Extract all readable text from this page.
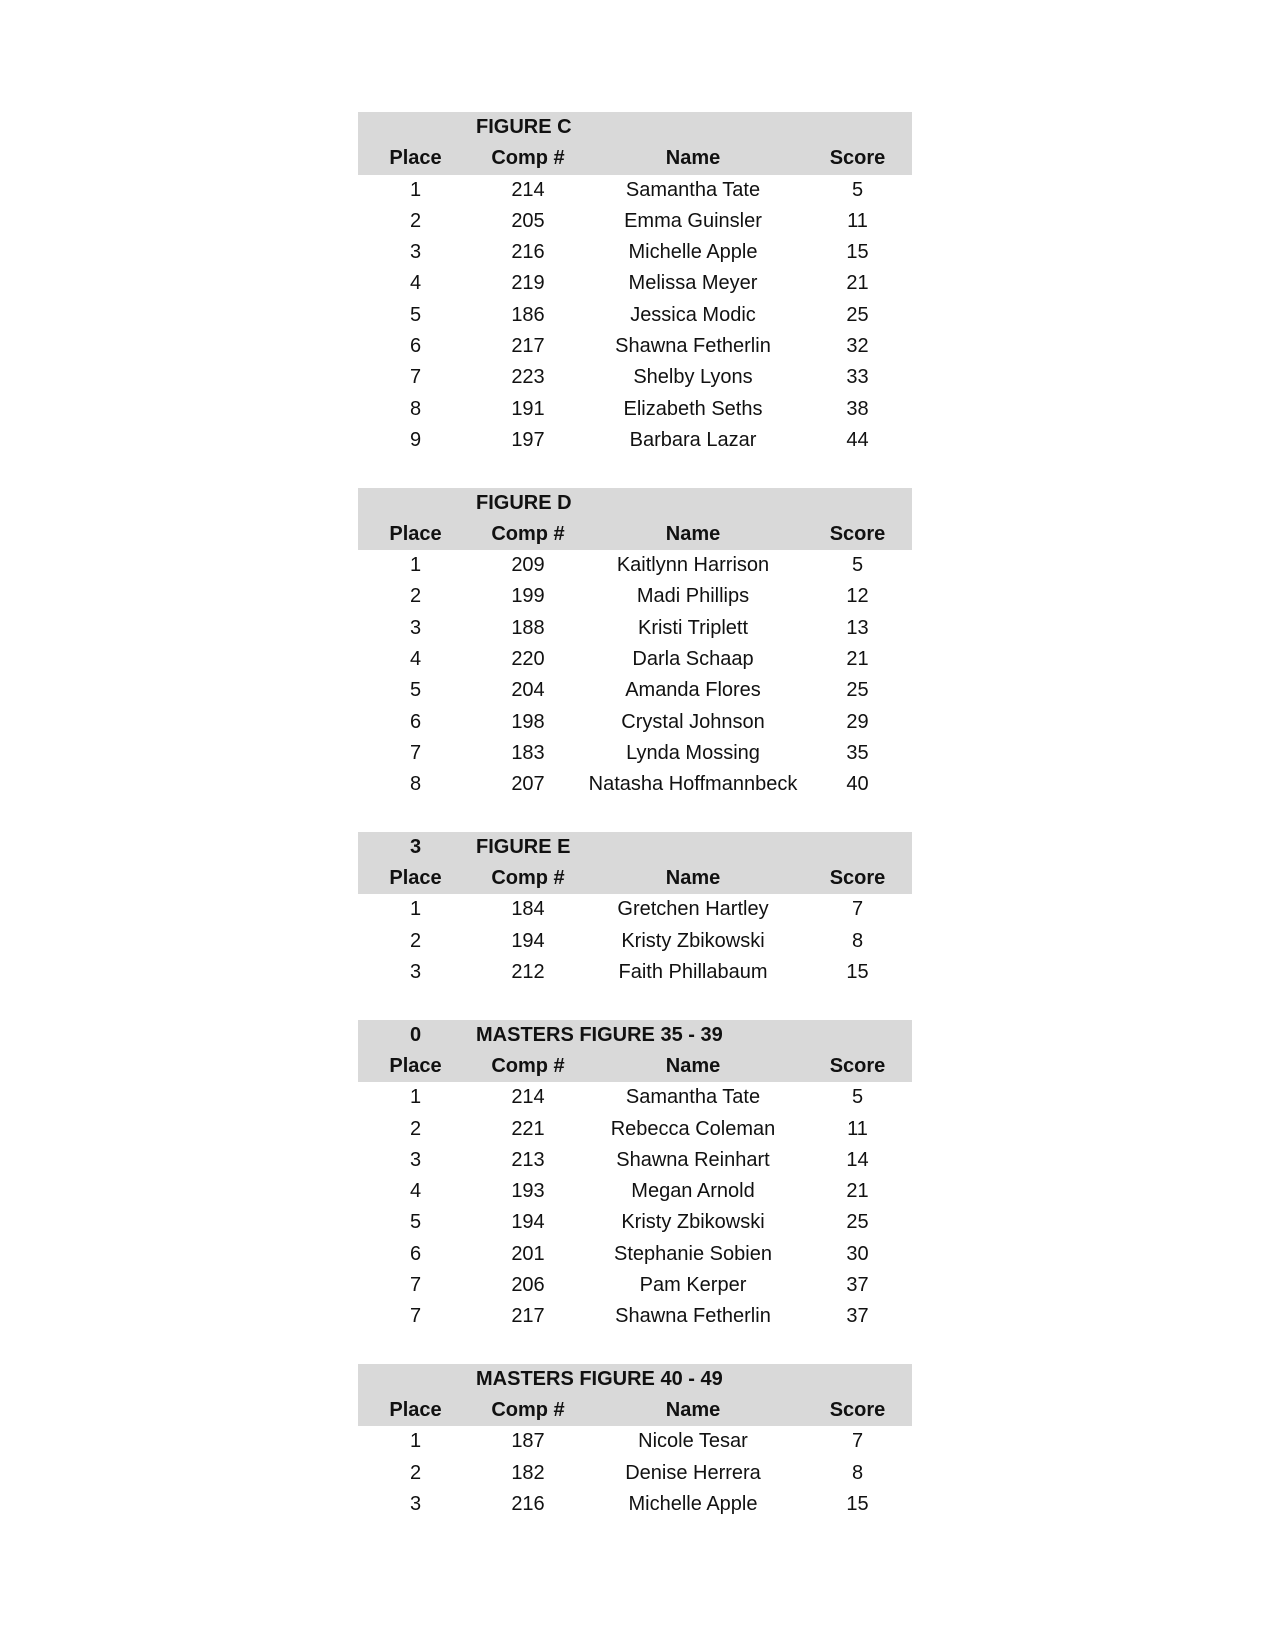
FIGURE C
Place	Comp #	Name	Score
1	214	Samantha Tate	5
2	205	Emma Guinsler	11
3	216	Michelle Apple	15
4	219	Melissa Meyer	21
5	186	Jessica Modic	25
6	217	Shawna Fetherlin	32
7	223	Shelby Lyons	33
8	191	Elizabeth Seths	38
9	197	Barbara Lazar	44
FIGURE D
Place	Comp #	Name	Score
1	209	Kaitlynn Harrison	5
2	199	Madi Phillips	12
3	188	Kristi Triplett	13
4	220	Darla Schaap	21
5	204	Amanda Flores	25
6	198	Crystal Johnson	29
7	183	Lynda Mossing	35
8	207	Natasha Hoffmannbeck	40
3	FIGURE E
Place	Comp #	Name	Score
1	184	Gretchen Hartley	7
2	194	Kristy Zbikowski	8
3	212	Faith Phillabaum	15
0	MASTERS FIGURE 35 - 39
Place	Comp #	Name	Score
1	214	Samantha Tate	5
2	221	Rebecca Coleman	11
3	213	Shawna Reinhart	14
4	193	Megan Arnold	21
5	194	Kristy Zbikowski	25
6	201	Stephanie Sobien	30
7	206	Pam Kerper	37
7	217	Shawna Fetherlin	37
MASTERS FIGURE 40 - 49
Place	Comp #	Name	Score
1	187	Nicole Tesar	7
2	182	Denise Herrera	8
3	216	Michelle Apple	15
